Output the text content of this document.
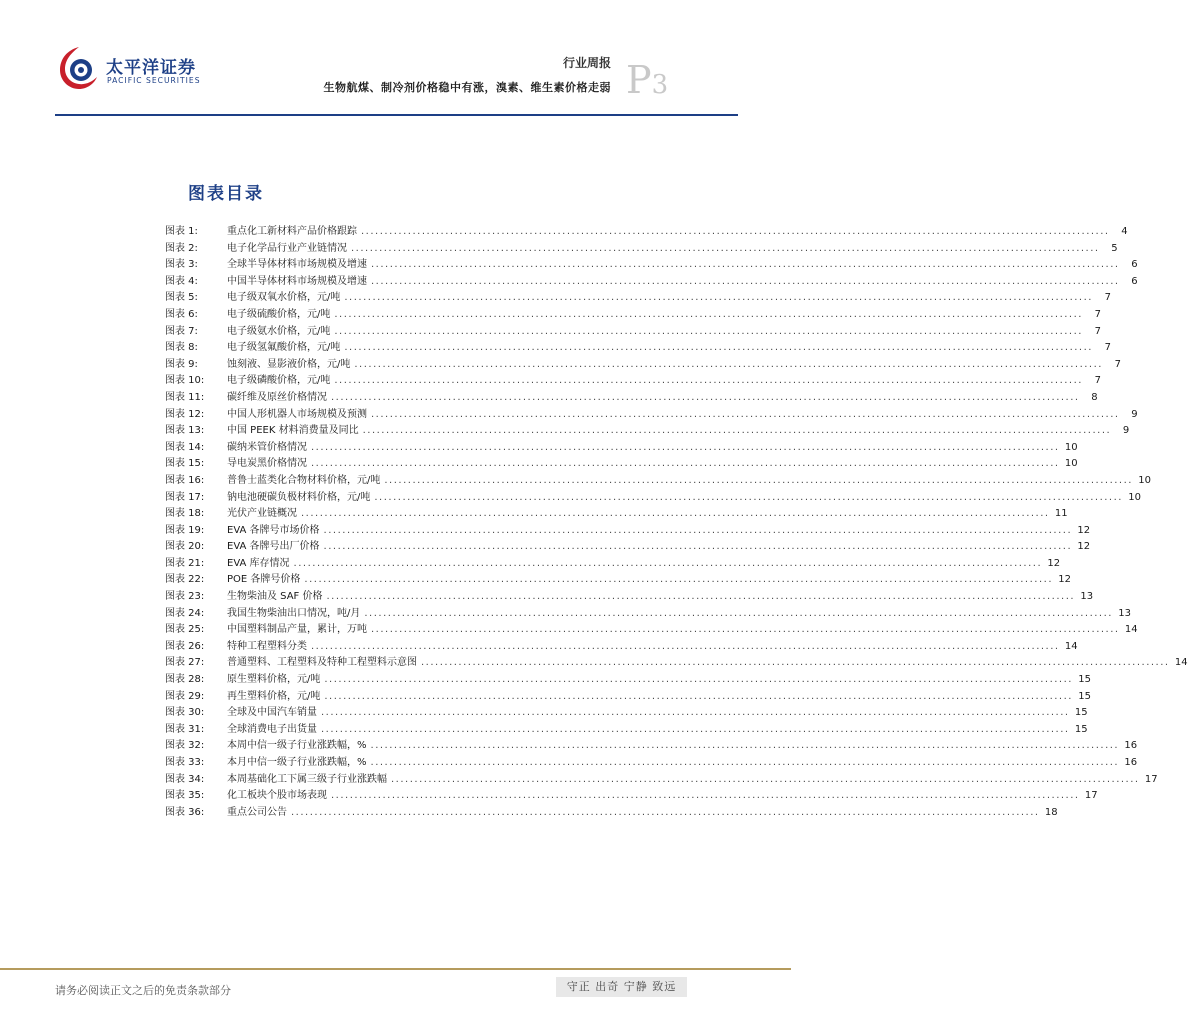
太平洋证券
PACIFIC SECURITIES
行业周报
生物航煤、制冷剂价格稳中有涨，溴素、维生素价格走弱 P3
图表目录
图表 1:	重点化工新材料产品价格跟踪 ................................................................................................................................................................	4
图表 2:	电子化学品行业产业链情况 ................................................................................................................................................................	5
图表 3:	全球半导体材料市场规模及增速 ................................................................................................................................................................	6
图表 4:	中国半导体材料市场规模及增速 ................................................................................................................................................................	6
图表 5:	电子级双氧水价格，元/吨 ................................................................................................................................................................	7
图表 6:	电子级硫酸价格，元/吨 ................................................................................................................................................................	7
图表 7:	电子级氨水价格，元/吨 ................................................................................................................................................................	7
图表 8:	电子级氢氟酸价格，元/吨 ................................................................................................................................................................	7
图表 9:	蚀刻液、显影液价格，元/吨 ................................................................................................................................................................	7
图表 10:	电子级磷酸价格，元/吨 ................................................................................................................................................................	7
图表 11:	碳纤维及原丝价格情况 ................................................................................................................................................................	8
图表 12:	中国人形机器人市场规模及预测 ................................................................................................................................................................	9
图表 13:	中国 PEEK 材料消费量及同比 ................................................................................................................................................................	9
图表 14:	碳纳米管价格情况 ................................................................................................................................................................ 10
图表 15:	导电炭黑价格情况 ................................................................................................................................................................ 10
图表 16:	普鲁士蓝类化合物材料价格，元/吨 ................................................................................................................................................................ 10
图表 17:	钠电池硬碳负极材料价格，元/吨 ................................................................................................................................................................ 10
图表 18:	光伏产业链概况 ................................................................................................................................................................ 11
图表 19:	EVA 各牌号市场价格 ................................................................................................................................................................ 12
图表 20:	EVA 各牌号出厂价格 ................................................................................................................................................................ 12
图表 21:	EVA 库存情况 ................................................................................................................................................................ 12
图表 22:	POE 各牌号价格 ................................................................................................................................................................ 12
图表 23:	生物柴油及 SAF 价格 ................................................................................................................................................................ 13
图表 24:	我国生物柴油出口情况，吨/月 ................................................................................................................................................................ 13
图表 25:	中国塑料制品产量，累计，万吨 ................................................................................................................................................................ 14
图表 26:	特种工程塑料分类 ................................................................................................................................................................ 14
图表 27:	普通塑料、工程塑料及特种工程塑料示意图 ................................................................................................................................................................ 14
图表 28:	原生塑料价格，元/吨 ................................................................................................................................................................ 15
图表 29:	再生塑料价格，元/吨 ................................................................................................................................................................ 15
图表 30:	全球及中国汽车销量 ................................................................................................................................................................ 15
图表 31:	全球消费电子出货量 ................................................................................................................................................................ 15
图表 32:	本周中信一级子行业涨跌幅，% ................................................................................................................................................................ 16
图表 33:	本月中信一级子行业涨跌幅，% ................................................................................................................................................................ 16
图表 34:	本周基础化工下属三级子行业涨跌幅 ................................................................................................................................................................ 17
图表 35:	化工板块个股市场表现 ................................................................................................................................................................ 17
图表 36:	重点公司公告 ................................................................................................................................................................ 18
请务必阅读正文之后的免责条款部分	守正 出奇 宁静 致远
